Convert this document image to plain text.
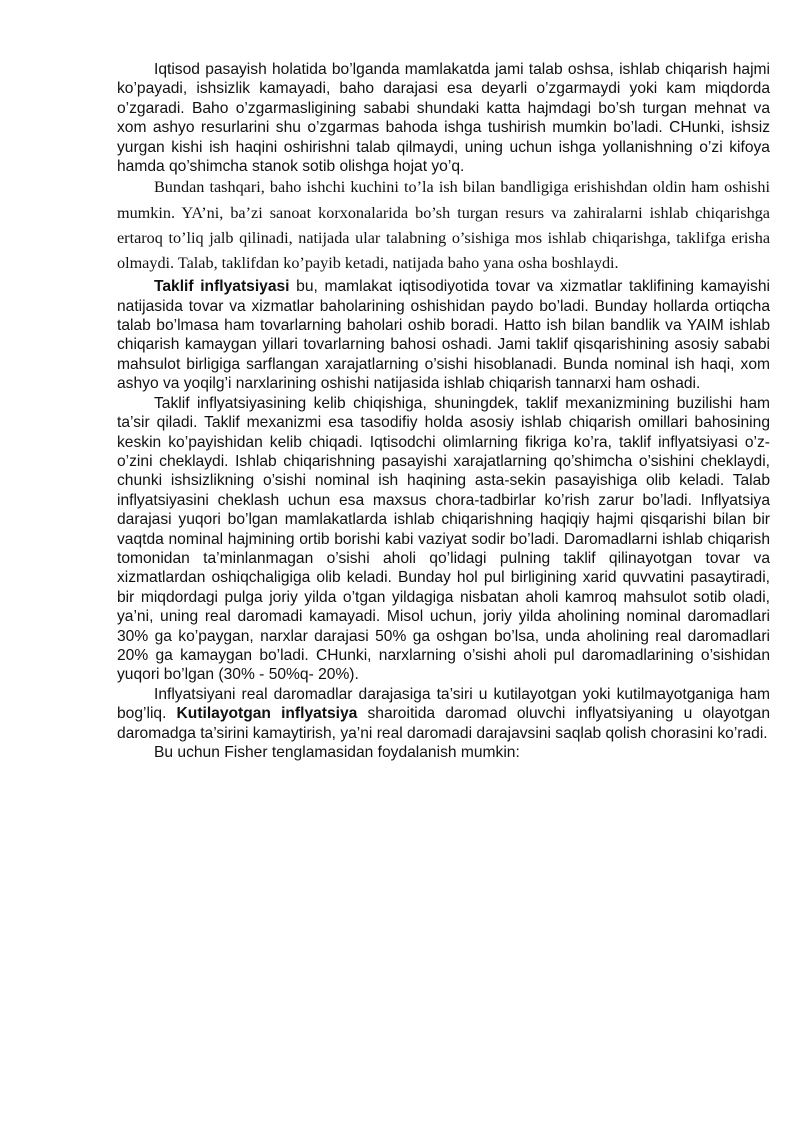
Iqtisod pasayish holatida bo’lganda mamlakatda jami talab oshsa, ishlab chiqarish hajmi ko’payadi, ishsizlik kamayadi, baho darajasi esa deyarli o’zgarmaydi yoki kam miqdorda o’zgaradi. Baho o’zgarmasligining sababi shundaki katta hajmdagi bo’sh turgan mehnat va xom ashyo resurlarini shu o’zgarmas bahoda ishga tushirish mumkin bo’ladi. CHunki, ishsiz yurgan kishi ish haqini oshirishni talab qilmaydi, uning uchun ishga yollanishning o’zi kifoya hamda qo’shimcha stanok sotib olishga hojat yo’q.

Bundan tashqari, baho ishchi kuchini to’la ish bilan bandligiga erishishdan oldin ham oshishi mumkin. YA’ni, ba’zi sanoat korxonalarida bo’sh turgan resurs va zahiralarni ishlab chiqarishga ertaroq to’liq jalb qilinadi, natijada ular talabning o’sishiga mos ishlab chiqarishga, taklifga erisha olmaydi. Talab, taklifdan ko’payib ketadi, natijada baho yana osha boshlaydi.

Taklif inflyatsiyasi bu, mamlakat iqtisodiyotida tovar va xizmatlar taklifining kamayishi natijasida tovar va xizmatlar baholarining oshishidan paydo bo’ladi. Bunday hollarda ortiqcha talab bo’lmasa ham tovarlarning baholari oshib boradi. Hatto ish bilan bandlik va YAIM ishlab chiqarish kamaygan yillari tovarlarning bahosi oshadi. Jami taklif qisqarishining asosiy sababi mahsulot birligiga sarflangan xarajatlarning o’sishi hisoblanadi. Bunda nominal ish haqi, xom ashyo va yoqilg’i narxlarining oshishi natijasida ishlab chiqarish tannarxi ham oshadi.

Taklif inflyatsiyasining kelib chiqishiga, shuningdek, taklif mexanizmining buzilishi ham ta’sir qiladi. Taklif mexanizmi esa tasodifiy holda asosiy ishlab chiqarish omillari bahosining keskin ko’payishidan kelib chiqadi. Iqtisodchi olimlarning fikriga ko’ra, taklif inflyatsiyasi o’z-o’zini cheklaydi. Ishlab chiqarishning pasayishi xarajatlarning qo’shimcha o’sishini cheklaydi, chunki ishsizlikning o’sishi nominal ish haqining asta-sekin pasayishiga olib keladi. Talab inflyatsiyasini cheklash uchun esa maxsus chora-tadbirlar ko’rish zarur bo’ladi. Inflyatsiya darajasi yuqori bo’lgan mamlakatlarda ishlab chiqarishning haqiqiy hajmi qisqarishi bilan bir vaqtda nominal hajmining ortib borishi kabi vaziyat sodir bo’ladi. Daromadlarni ishlab chiqarish tomonidan ta’minlanmagan o’sishi aholi qo’lidagi pulning taklif qilinayotgan tovar va xizmatlardan oshiqchaligiga olib keladi. Bunday hol pul birligining xarid quvvatini pasaytiradi, bir miqdordagi pulga joriy yilda o’tgan yildagiga nisbatan aholi kamroq mahsulot sotib oladi, ya’ni, uning real daromadi kamayadi. Misol uchun, joriy yilda aholining nominal daromadlari 30% ga ko’paygan, narxlar darajasi 50% ga oshgan bo’lsa, unda aholining real daromadlari 20% ga kamaygan bo’ladi. CHunki, narxlarning o’sishi aholi pul daromadlarining o’sishidan yuqori bo’lgan (30% - 50%q- 20%).

Inflyatsiyani real daromadlar darajasiga ta’siri u kutilayotgan yoki kutilmayotganiga ham bog’liq. Kutilayotgan inflyatsiya sharoitida daromad oluvchi inflyatsiyaning u olayotgan daromadga ta’sirini kamaytirish, ya’ni real daromadi darajavsini saqlab qolish chorasini ko’radi.

Bu uchun Fisher tenglamasidan foydalanish mumkin:
